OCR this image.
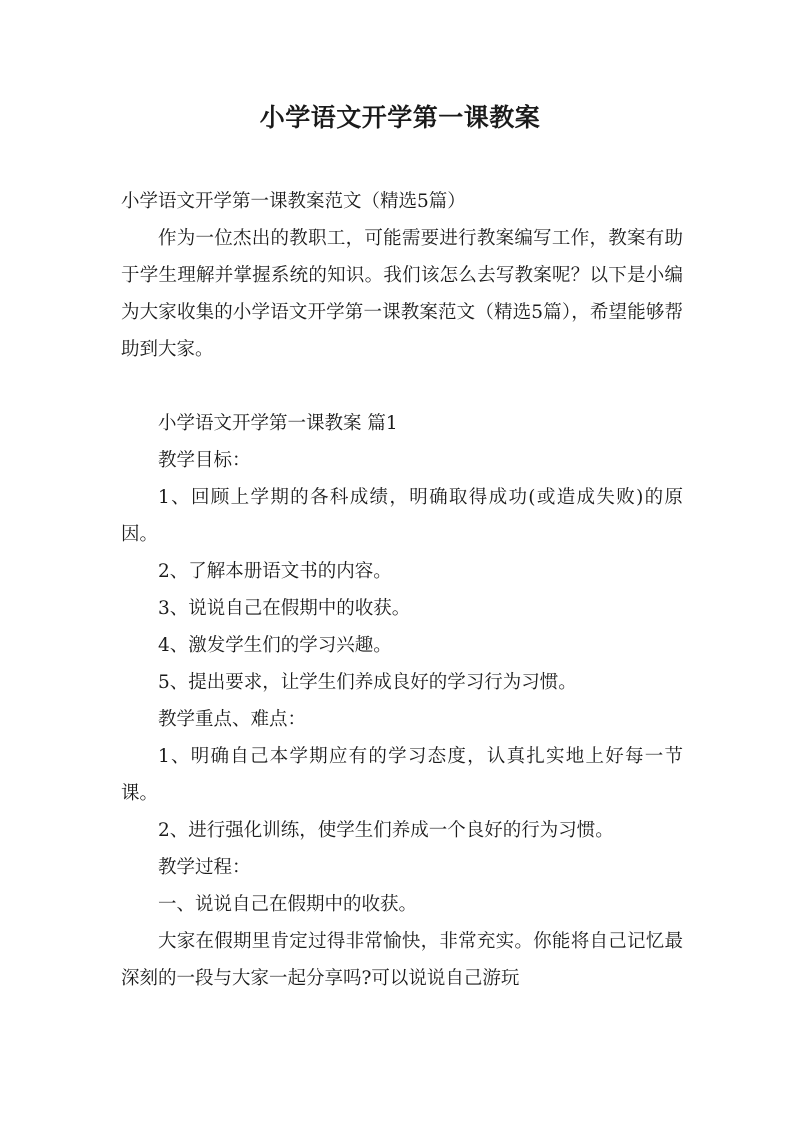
小学语文开学第一课教案

小学语文开学第一课教案范文（精选5篇）

作为一位杰出的教职工，可能需要进行教案编写工作，教案有助于学生理解并掌握系统的知识。我们该怎么去写教案呢？以下是小编为大家收集的小学语文开学第一课教案范文（精选5篇），希望能够帮助到大家。

小学语文开学第一课教案 篇1

教学目标：

1、回顾上学期的各科成绩，明确取得成功(或造成失败)的原因。

2、了解本册语文书的内容。

3、说说自己在假期中的收获。

4、激发学生们的学习兴趣。

5、提出要求，让学生们养成良好的学习行为习惯。

教学重点、难点：

1、明确自己本学期应有的学习态度，认真扎实地上好每一节课。

2、进行强化训练，使学生们养成一个良好的行为习惯。

教学过程：

一、说说自己在假期中的收获。

大家在假期里肯定过得非常愉快，非常充实。你能将自己记忆最深刻的一段与大家一起分享吗?可以说说自己游玩
